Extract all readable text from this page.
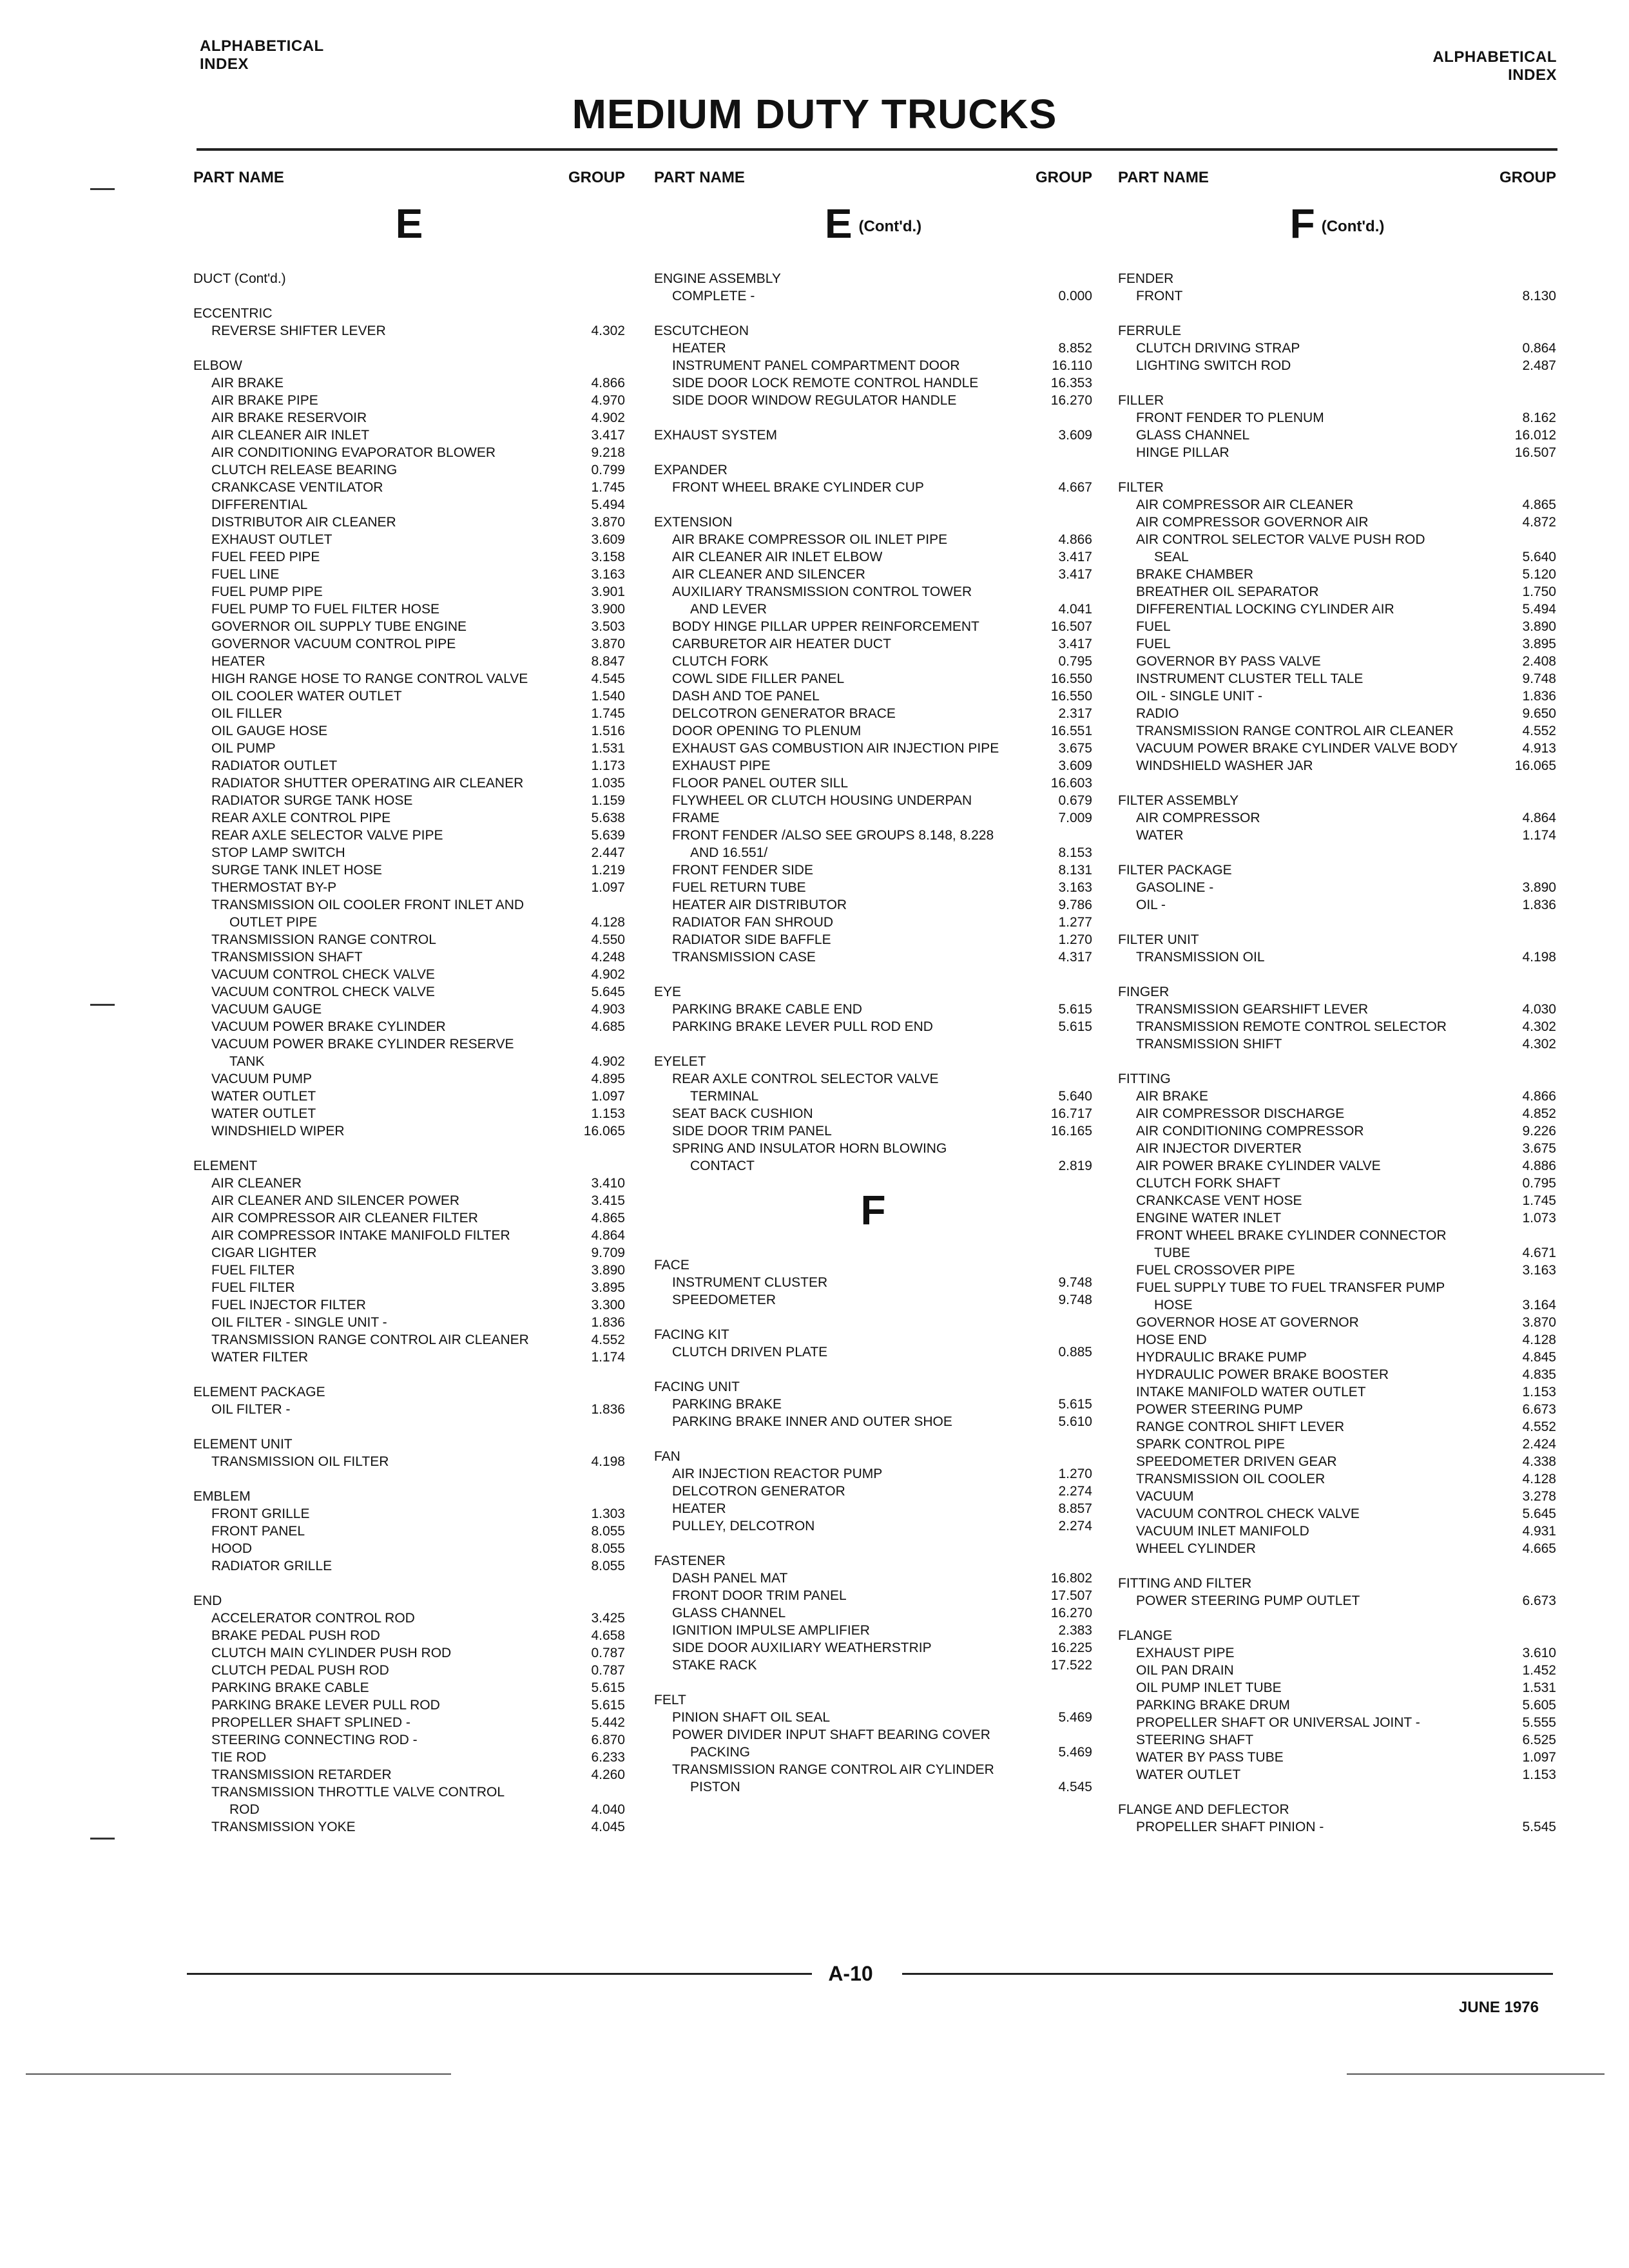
ALPHABETICAL
INDEX	ALPHABETICAL
INDEX
MEDIUM DUTY TRUCKS
PART NAME	GROUP
E
DUCT (Cont'd.)
ECCENTRIC
REVERSE SHIFTER LEVER	4.302
ELBOW
AIR BRAKE	4.866
AIR BRAKE PIPE	4.970
AIR BRAKE RESERVOIR	4.902
AIR CLEANER AIR INLET	3.417
AIR CONDITIONING EVAPORATOR BLOWER	9.218
CLUTCH RELEASE BEARING	0.799
CRANKCASE VENTILATOR	1.745
DIFFERENTIAL	5.494
DISTRIBUTOR AIR CLEANER	3.870
EXHAUST OUTLET	3.609
FUEL FEED PIPE	3.158
FUEL LINE	3.163
FUEL PUMP PIPE	3.901
FUEL PUMP TO FUEL FILTER HOSE	3.900
GOVERNOR OIL SUPPLY TUBE ENGINE	3.503
GOVERNOR VACUUM CONTROL PIPE	3.870
HEATER	8.847
HIGH RANGE HOSE TO RANGE CONTROL VALVE	4.545
OIL COOLER WATER OUTLET	1.540
OIL FILLER	1.745
OIL GAUGE HOSE	1.516
OIL PUMP	1.531
RADIATOR OUTLET	1.173
RADIATOR SHUTTER OPERATING AIR CLEANER	1.035
RADIATOR SURGE TANK HOSE	1.159
REAR AXLE CONTROL PIPE	5.638
REAR AXLE SELECTOR VALVE PIPE	5.639
STOP LAMP SWITCH	2.447
SURGE TANK INLET HOSE	1.219
THERMOSTAT BY-P	1.097
TRANSMISSION OIL COOLER FRONT INLET AND
OUTLET PIPE	4.128
TRANSMISSION RANGE CONTROL	4.550
TRANSMISSION SHAFT	4.248
VACUUM CONTROL CHECK VALVE	4.902
VACUUM CONTROL CHECK VALVE	5.645
VACUUM GAUGE	4.903
VACUUM POWER BRAKE CYLINDER	4.685
VACUUM POWER BRAKE CYLINDER RESERVE
TANK	4.902
VACUUM PUMP	4.895
WATER OUTLET	1.097
WATER OUTLET	1.153
WINDSHIELD WIPER	16.065
ELEMENT
AIR CLEANER	3.410
AIR CLEANER AND SILENCER POWER	3.415
AIR COMPRESSOR AIR CLEANER FILTER	4.865
AIR COMPRESSOR INTAKE MANIFOLD FILTER	4.864
CIGAR LIGHTER	9.709
FUEL FILTER	3.890
FUEL FILTER	3.895
FUEL INJECTOR FILTER	3.300
OIL FILTER - SINGLE UNIT -	1.836
TRANSMISSION RANGE CONTROL AIR CLEANER	4.552
WATER FILTER	1.174
ELEMENT PACKAGE
OIL FILTER -	1.836
ELEMENT UNIT
TRANSMISSION OIL FILTER	4.198
EMBLEM
FRONT GRILLE	1.303
FRONT PANEL	8.055
HOOD	8.055
RADIATOR GRILLE	8.055
END
ACCELERATOR CONTROL ROD	3.425
BRAKE PEDAL PUSH ROD	4.658
CLUTCH MAIN CYLINDER PUSH ROD	0.787
CLUTCH PEDAL PUSH ROD	0.787
PARKING BRAKE CABLE	5.615
PARKING BRAKE LEVER PULL ROD	5.615
PROPELLER SHAFT SPLINED -	5.442
STEERING CONNECTING ROD -	6.870
TIE ROD	6.233
TRANSMISSION RETARDER	4.260
TRANSMISSION THROTTLE VALVE CONTROL
ROD	4.040
TRANSMISSION YOKE	4.045
PART NAME	GROUP
E (Cont'd.)
ENGINE ASSEMBLY
COMPLETE -	0.000
ESCUTCHEON
HEATER	8.852
INSTRUMENT PANEL COMPARTMENT DOOR	16.110
SIDE DOOR LOCK REMOTE CONTROL HANDLE	16.353
SIDE DOOR WINDOW REGULATOR HANDLE	16.270
EXHAUST SYSTEM	3.609
EXPANDER
FRONT WHEEL BRAKE CYLINDER CUP	4.667
EXTENSION
AIR BRAKE COMPRESSOR OIL INLET PIPE	4.866
AIR CLEANER AIR INLET ELBOW	3.417
AIR CLEANER AND SILENCER	3.417
AUXILIARY TRANSMISSION CONTROL TOWER
AND LEVER	4.041
BODY HINGE PILLAR UPPER REINFORCEMENT	16.507
CARBURETOR AIR HEATER DUCT	3.417
CLUTCH FORK	0.795
COWL SIDE FILLER PANEL	16.550
DASH AND TOE PANEL	16.550
DELCOTRON GENERATOR BRACE	2.317
DOOR OPENING TO PLENUM	16.551
EXHAUST GAS COMBUSTION AIR INJECTION PIPE	3.675
EXHAUST PIPE	3.609
FLOOR PANEL OUTER SILL	16.603
FLYWHEEL OR CLUTCH HOUSING UNDERPAN	0.679
FRAME	7.009
FRONT FENDER /ALSO SEE GROUPS 8.148, 8.228
AND 16.551/	8.153
FRONT FENDER SIDE	8.131
FUEL RETURN TUBE	3.163
HEATER AIR DISTRIBUTOR	9.786
RADIATOR FAN SHROUD	1.277
RADIATOR SIDE BAFFLE	1.270
TRANSMISSION CASE	4.317
EYE
PARKING BRAKE CABLE END	5.615
PARKING BRAKE LEVER PULL ROD END	5.615
EYELET
REAR AXLE CONTROL SELECTOR VALVE
TERMINAL	5.640
SEAT BACK CUSHION	16.717
SIDE DOOR TRIM PANEL	16.165
SPRING AND INSULATOR HORN BLOWING
CONTACT	2.819
F
FACE
INSTRUMENT CLUSTER	9.748
SPEEDOMETER	9.748
FACING KIT
CLUTCH DRIVEN PLATE	0.885
FACING UNIT
PARKING BRAKE	5.615
PARKING BRAKE INNER AND OUTER SHOE	5.610
FAN
AIR INJECTION REACTOR PUMP	1.270
DELCOTRON GENERATOR	2.274
HEATER	8.857
PULLEY, DELCOTRON	2.274
FASTENER
DASH PANEL MAT	16.802
FRONT DOOR TRIM PANEL	17.507
GLASS CHANNEL	16.270
IGNITION IMPULSE AMPLIFIER	2.383
SIDE DOOR AUXILIARY WEATHERSTRIP	16.225
STAKE RACK	17.522
FELT
PINION SHAFT OIL SEAL	5.469
POWER DIVIDER INPUT SHAFT BEARING COVER
PACKING	5.469
TRANSMISSION RANGE CONTROL AIR CYLINDER
PISTON	4.545
PART NAME	GROUP
F (Cont'd.)
FENDER
FRONT	8.130
FERRULE
CLUTCH DRIVING STRAP	0.864
LIGHTING SWITCH ROD	2.487
FILLER
FRONT FENDER TO PLENUM	8.162
GLASS CHANNEL	16.012
HINGE PILLAR	16.507
FILTER
AIR COMPRESSOR AIR CLEANER	4.865
AIR COMPRESSOR GOVERNOR AIR	4.872
AIR CONTROL SELECTOR VALVE PUSH ROD
SEAL	5.640
BRAKE CHAMBER	5.120
BREATHER OIL SEPARATOR	1.750
DIFFERENTIAL LOCKING CYLINDER AIR	5.494
FUEL	3.890
FUEL	3.895
GOVERNOR BY PASS VALVE	2.408
INSTRUMENT CLUSTER TELL TALE	9.748
OIL - SINGLE UNIT -	1.836
RADIO	9.650
TRANSMISSION RANGE CONTROL AIR CLEANER	4.552
VACUUM POWER BRAKE CYLINDER VALVE BODY	4.913
WINDSHIELD WASHER JAR	16.065
FILTER ASSEMBLY
AIR COMPRESSOR	4.864
WATER	1.174
FILTER PACKAGE
GASOLINE -	3.890
OIL -	1.836
FILTER UNIT
TRANSMISSION OIL	4.198
FINGER
TRANSMISSION GEARSHIFT LEVER	4.030
TRANSMISSION REMOTE CONTROL SELECTOR	4.302
TRANSMISSION SHIFT	4.302
FITTING
AIR BRAKE	4.866
AIR COMPRESSOR DISCHARGE	4.852
AIR CONDITIONING COMPRESSOR	9.226
AIR INJECTOR DIVERTER	3.675
AIR POWER BRAKE CYLINDER VALVE	4.886
CLUTCH FORK SHAFT	0.795
CRANKCASE VENT HOSE	1.745
ENGINE WATER INLET	1.073
FRONT WHEEL BRAKE CYLINDER CONNECTOR
TUBE	4.671
FUEL CROSSOVER PIPE	3.163
FUEL SUPPLY TUBE TO FUEL TRANSFER PUMP
HOSE	3.164
GOVERNOR HOSE AT GOVERNOR	3.870
HOSE END	4.128
HYDRAULIC BRAKE PUMP	4.845
HYDRAULIC POWER BRAKE BOOSTER	4.835
INTAKE MANIFOLD WATER OUTLET	1.153
POWER STEERING PUMP	6.673
RANGE CONTROL SHIFT LEVER	4.552
SPARK CONTROL PIPE	2.424
SPEEDOMETER DRIVEN GEAR	4.338
TRANSMISSION OIL COOLER	4.128
VACUUM	3.278
VACUUM CONTROL CHECK VALVE	5.645
VACUUM INLET MANIFOLD	4.931
WHEEL CYLINDER	4.665
FITTING AND FILTER
POWER STEERING PUMP OUTLET	6.673
FLANGE
EXHAUST PIPE	3.610
OIL PAN DRAIN	1.452
OIL PUMP INLET TUBE	1.531
PARKING BRAKE DRUM	5.605
PROPELLER SHAFT OR UNIVERSAL JOINT -	5.555
STEERING SHAFT	6.525
WATER BY PASS TUBE	1.097
WATER OUTLET	1.153
FLANGE AND DEFLECTOR
PROPELLER SHAFT PINION -	5.545
A-10
JUNE 1976
